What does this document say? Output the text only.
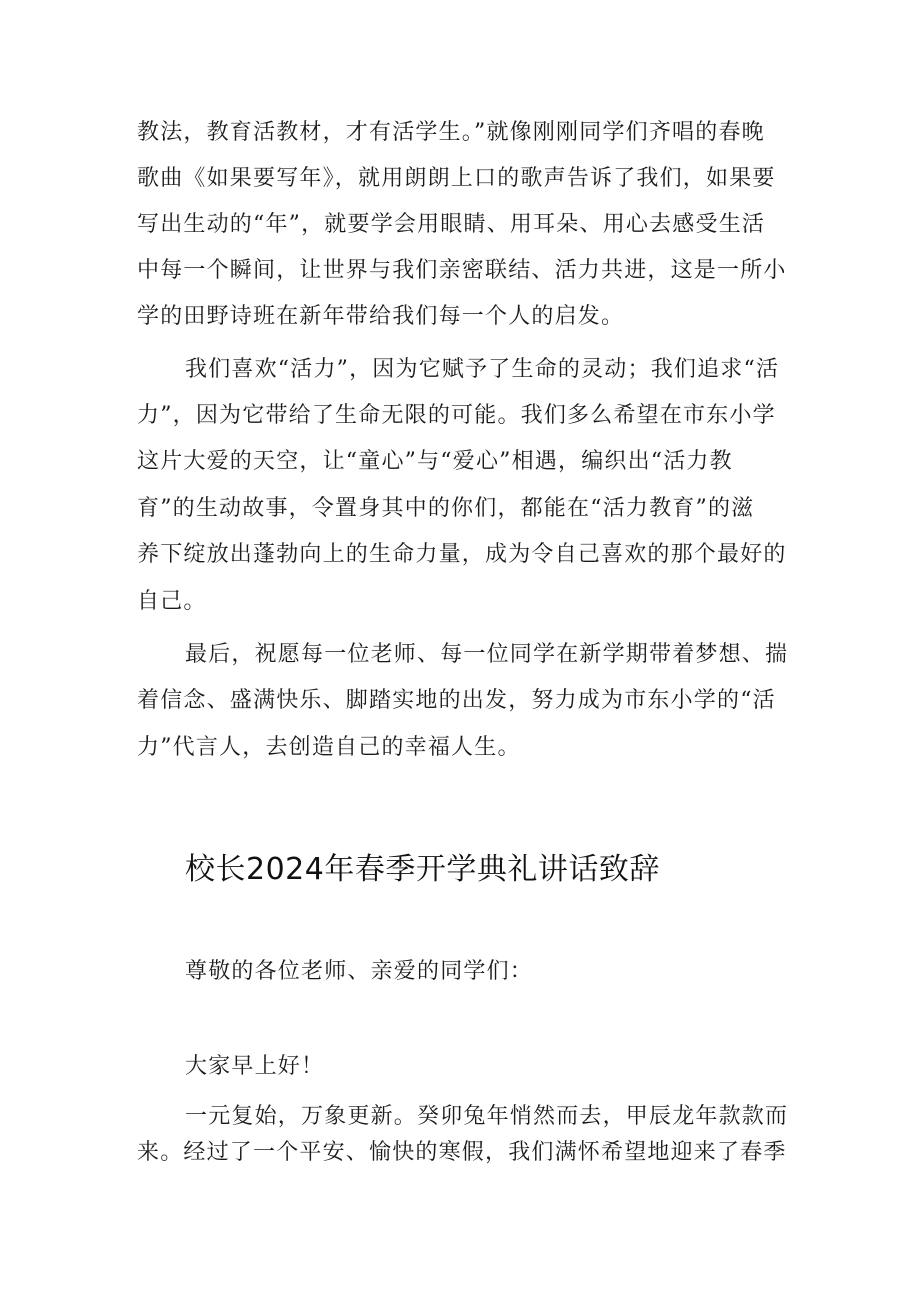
教法，教育活教材，才有活学生。”就像刚刚同学们齐唱的春晚
歌曲《如果要写年》，就用朗朗上口的歌声告诉了我们，如果要
写出生动的“年”，就要学会用眼睛、用耳朵、用心去感受生活
中每一个瞬间，让世界与我们亲密联结、活力共进，这是一所小
学的田野诗班在新年带给我们每一个人的启发。
我们喜欢“活力”，因为它赋予了生命的灵动；我们追求“活
力”，因为它带给了生命无限的可能。我们多么希望在市东小学
这片大爱的天空，让“童心”与“爱心”相遇，编织出“活力教
育”的生动故事，令置身其中的你们，都能在“活力教育”的滋
养下绽放出蓬勃向上的生命力量，成为令自己喜欢的那个最好的
自己。
最后，祝愿每一位老师、每一位同学在新学期带着梦想、揣
着信念、盛满快乐、脚踏实地的出发，努力成为市东小学的“活
力”代言人，去创造自己的幸福人生。
校长2024年春季开学典礼讲话致辞
尊敬的各位老师、亲爱的同学们：
大家早上好！
一元复始，万象更新。癸卯兔年悄然而去，甲辰龙年款款而
来。经过了一个平安、愉快的寒假，我们满怀希望地迎来了春季
